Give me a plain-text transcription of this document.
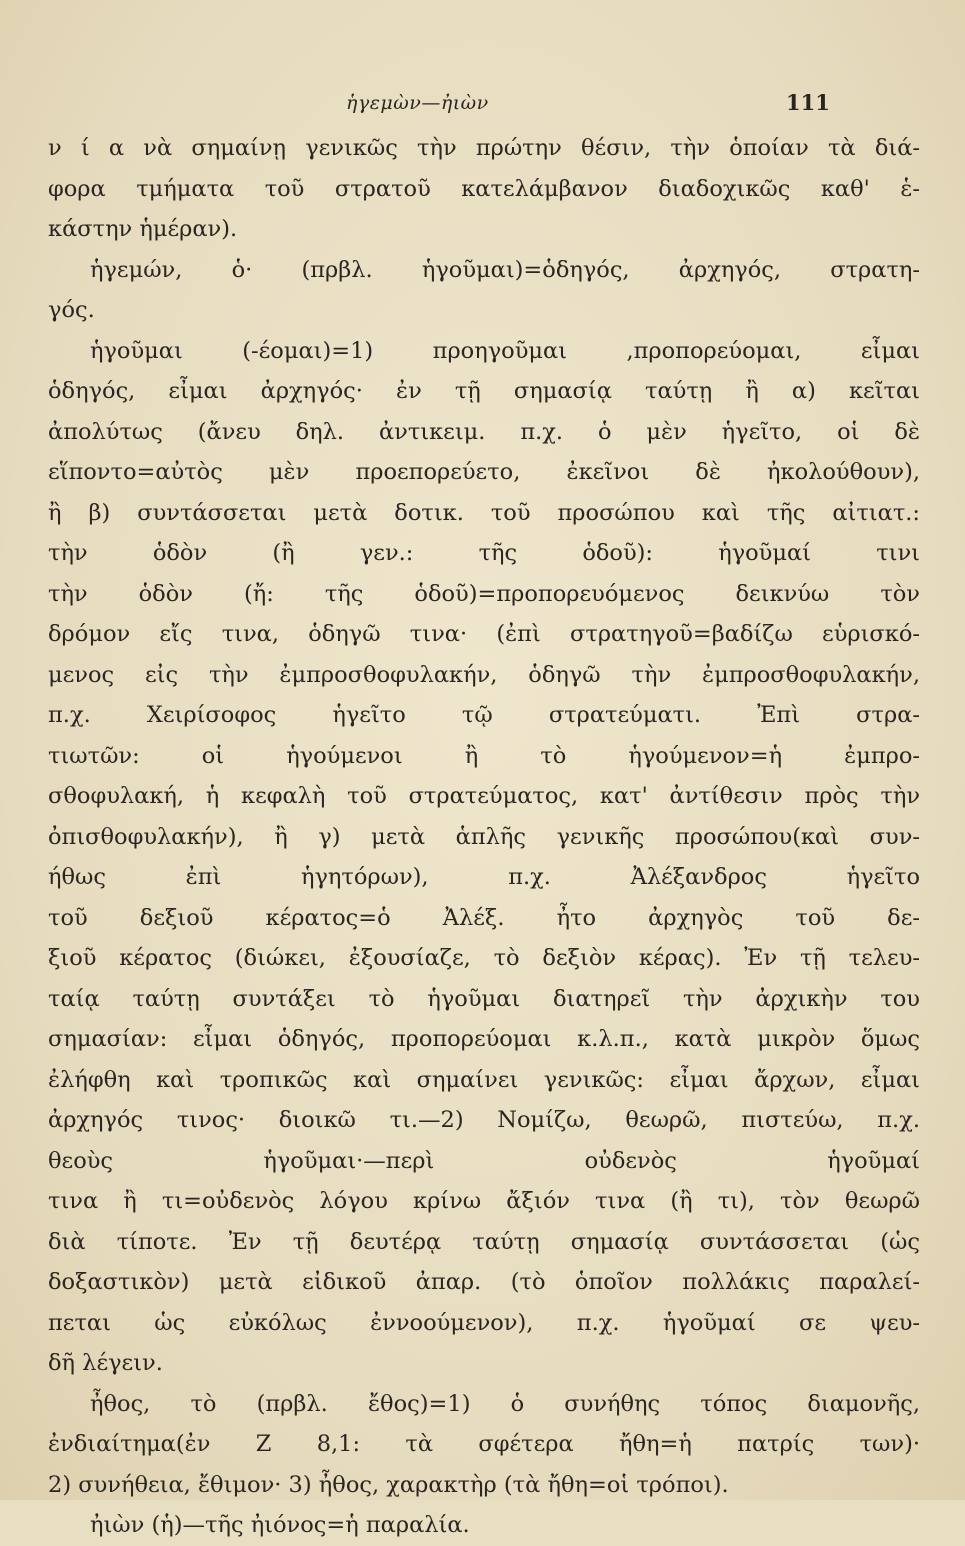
ἡγεμὼν—ἠιὼν	111
ν ί α νὰ σημαίνῃ γενικῶς τὴν πρώτην θέσιν, τὴν ὁποίαν τὰ διά-
φορα τμήματα τοῦ στρατοῦ κατελάμβανον διαδοχικῶς καθ' ἑ-
κάστην ἡμέραν).
ἡγεμών, ὁ· (πρβλ. ἡγοῦμαι)=ὁδηγός, ἀρχηγός, στρατη-
γός.
ἡγοῦμαι (-έομαι)=1) προηγοῦμαι ,προπορεύομαι, εἶμαι
ὁδηγός, εἶμαι ἀρχηγός· ἐν τῇ σημασίᾳ ταύτῃ ἢ α) κεῖται
ἀπολύτως (ἄνευ δηλ. ἀντικειμ. π.χ. ὁ μὲν ἡγεῖτο, οἱ δὲ
εἵποντο=αὐτὸς μὲν προεπορεύετο, ἐκεῖνοι δὲ ἠκολούθουν),
ἢ β) συντάσσεται μετὰ δοτικ. τοῦ προσώπου καὶ τῆς αἰτιατ.:
τὴν ὁδὸν (ἢ γεν.: τῆς ὁδοῦ): ἡγοῦμαί τινι
τὴν ὁδὸν (ἤ: τῆς ὁδοῦ)=προπορευόμενος δεικνύω τὸν
δρόμον εἴς τινα, ὁδηγῶ τινα· (ἐπὶ στρατηγοῦ=βαδίζω εὑρισκό-
μενος εἰς τὴν ἐμπροσθοφυλακήν, ὁδηγῶ τὴν ἐμπροσθοφυλακήν,
π.χ. Χειρίσοφος ἡγεῖτο τῷ στρατεύματι. Ἐπὶ στρα-
τιωτῶν: οἱ ἡγούμενοι ἢ τὸ ἡγούμενον=ἡ ἐμπρο-
σθοφυλακή, ἡ κεφαλὴ τοῦ στρατεύματος, κατ' ἀντίθεσιν πρὸς τὴν
ὀπισθοφυλακήν), ἢ γ) μετὰ ἁπλῆς γενικῆς προσώπου(καὶ συν-
ήθως ἐπὶ ἡγητόρων), π.χ. Ἀλέξανδρος ἡγεῖτο
τοῦ δεξιοῦ κέρατος=ὁ Ἀλέξ. ἦτο ἀρχηγὸς τοῦ δε-
ξιοῦ κέρατος (διώκει, ἐξουσίαζε, τὸ δεξιὸν κέρας). Ἐν τῇ τελευ-
ταίᾳ ταύτῃ συντάξει τὸ ἡγοῦμαι διατηρεῖ τὴν ἀρχικὴν του
σημασίαν: εἶμαι ὁδηγός, προπορεύομαι κ.λ.π., κατὰ μικρὸν ὅμως
ἐλήφθη καὶ τροπικῶς καὶ σημαίνει γενικῶς: εἶμαι ἄρχων, εἶμαι
ἀρχηγός τινος· διοικῶ τι.—2) Νομίζω, θεωρῶ, πιστεύω, π.χ.
θεοὺς ἡγοῦμαι·—περὶ οὐδενὸς ἡγοῦμαί
τινα ἢ τι=οὐδενὸς λόγου κρίνω ἄξιόν τινα (ἢ τι), τὸν θεωρῶ
διὰ τίποτε. Ἐν τῇ δευτέρᾳ ταύτῃ σημασίᾳ συντάσσεται (ὡς
δοξαστικὸν) μετὰ εἰδικοῦ ἀπαρ. (τὸ ὁποῖον πολλάκις παραλεί-
πεται ὡς εὐκόλως ἐννοούμενον), π.χ. ἡγοῦμαί σε ψευ-
δῆ λέγειν.
ἦθος, τὸ (πρβλ. ἔθος)=1) ὁ συνήθης τόπος διαμονῆς,
ἐνδιαίτημα(ἐν Ζ 8,1: τὰ σφέτερα ἤθη=ἡ πατρίς των)·
2) συνήθεια, ἔθιμον· 3) ἦθος, χαρακτὴρ (τὰ ἤθη=οἱ τρόποι).
ἠιὼν (ἡ)—τῆς ἠιόνος=ἡ παραλία.
